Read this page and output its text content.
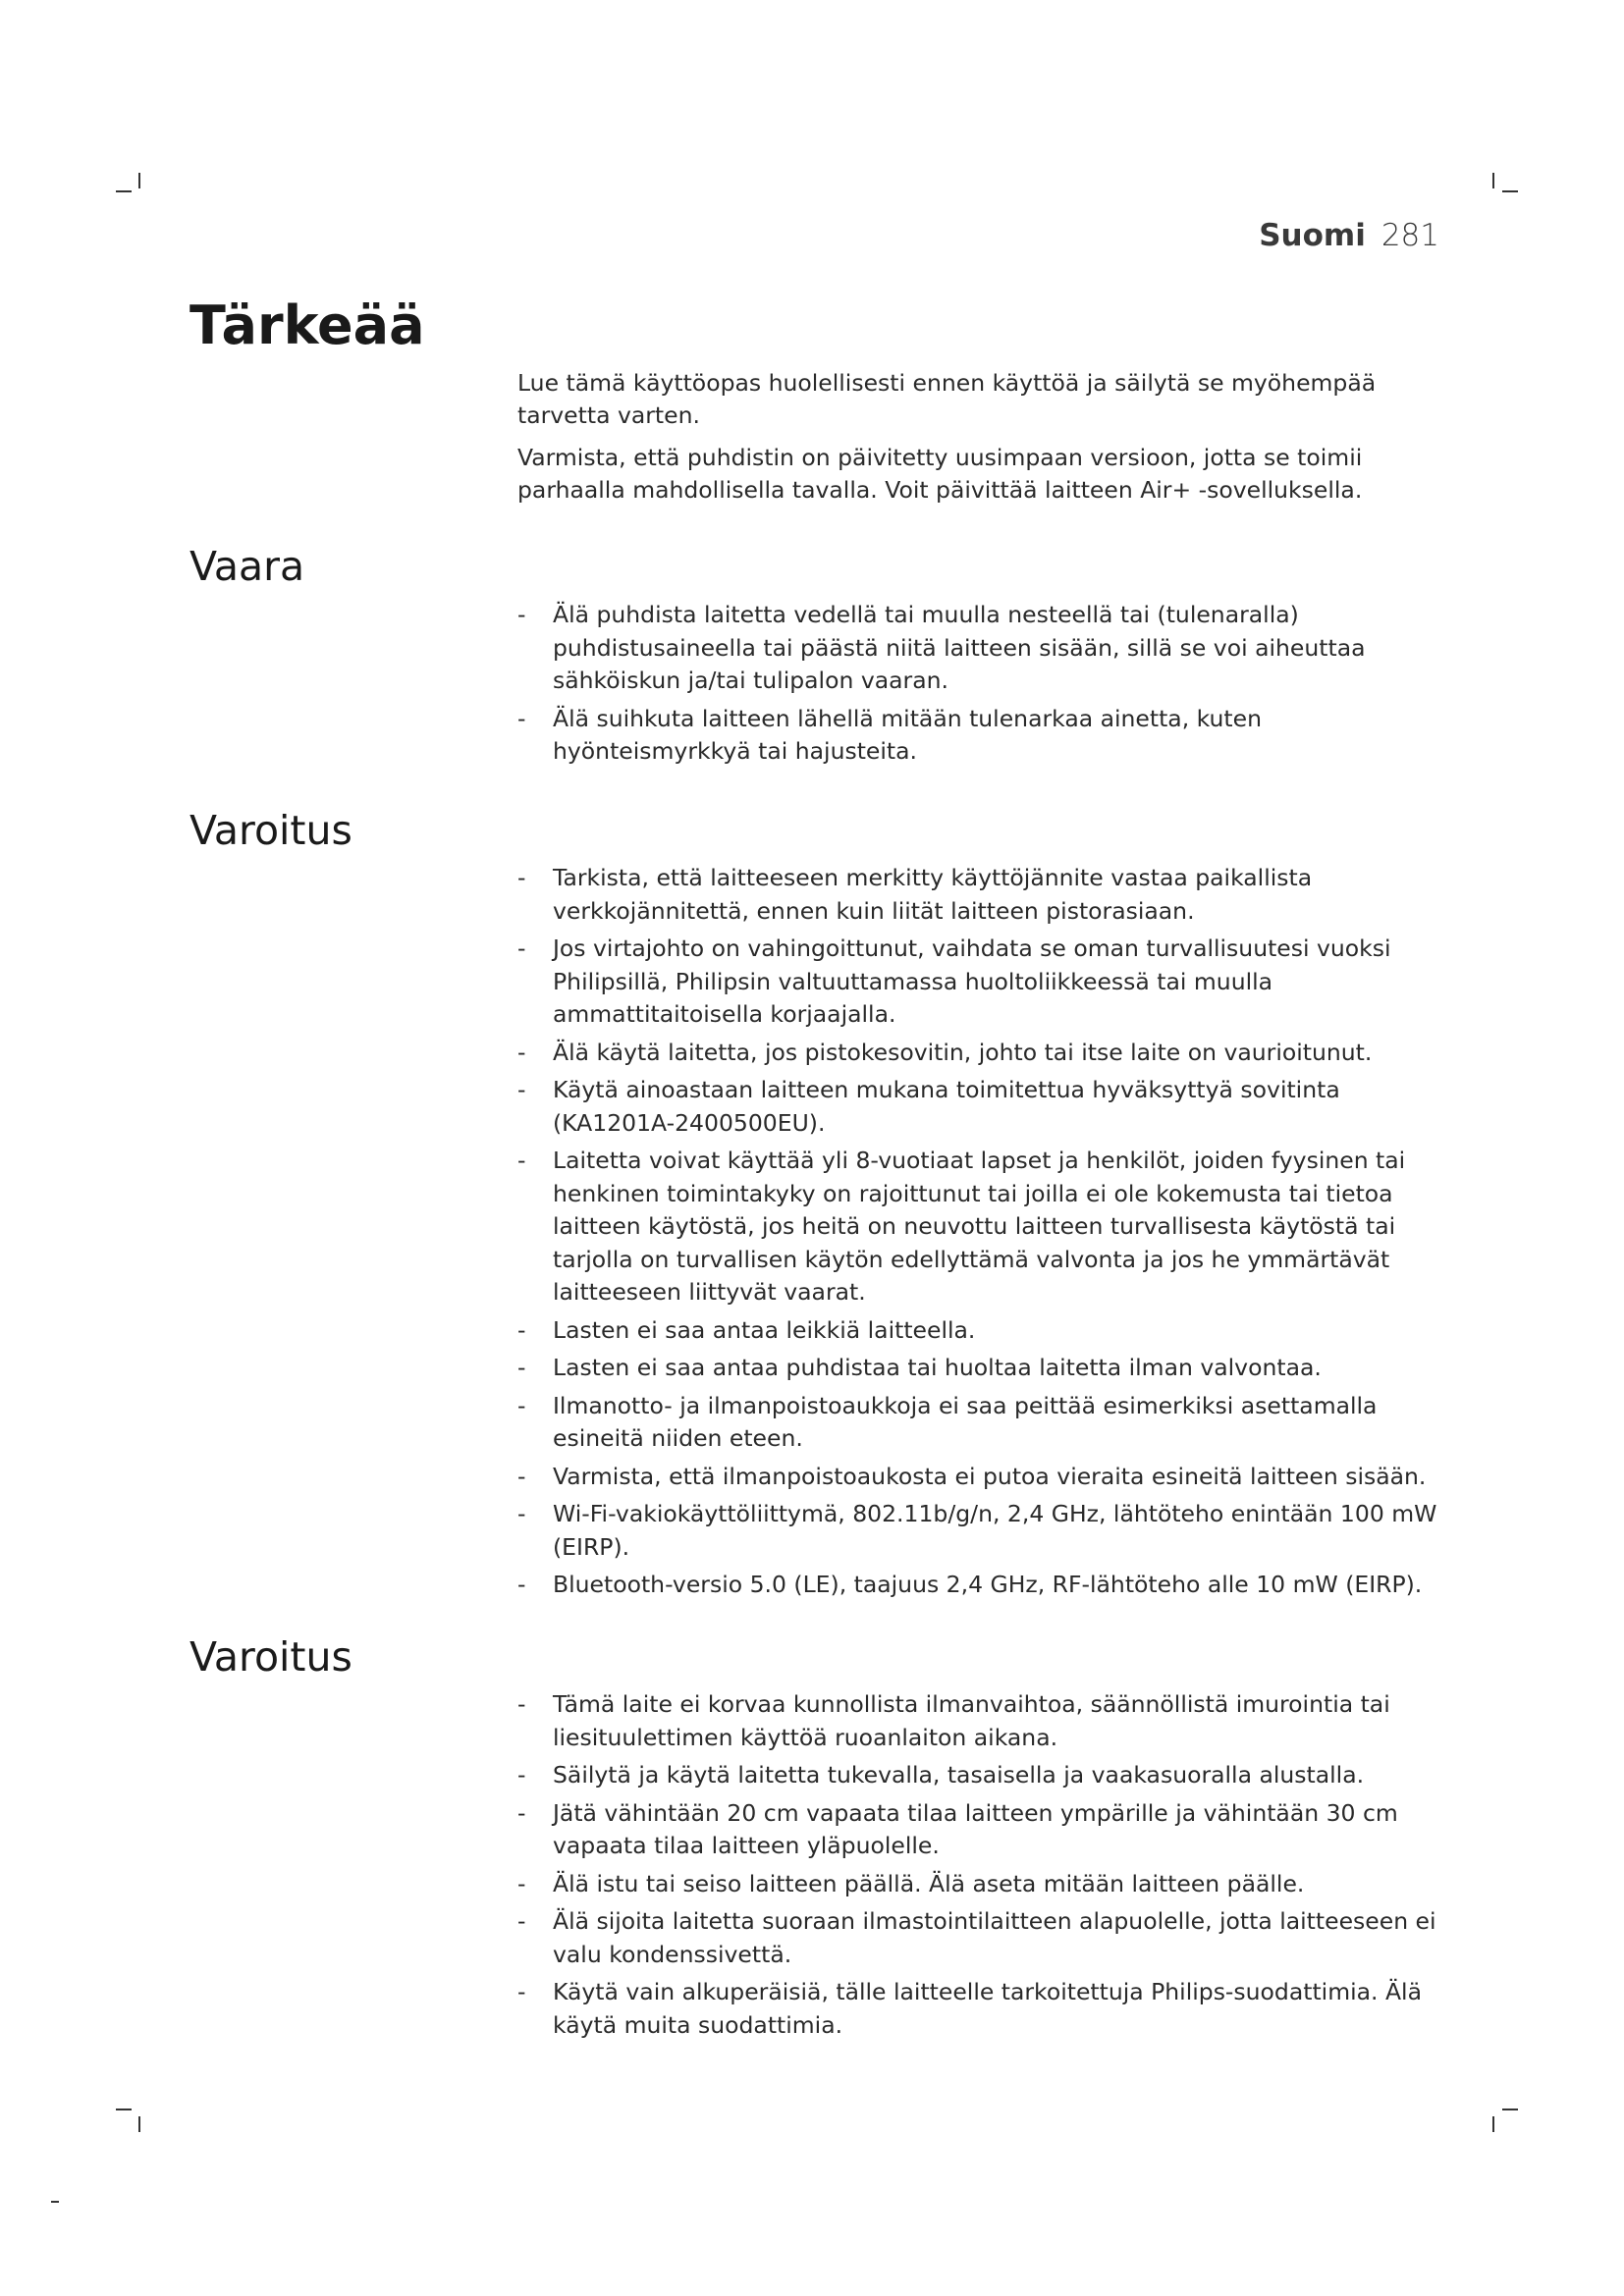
Suomi 281
Tärkeää

Lue tämä käyttöopas huolellisesti ennen käyttöä ja säilytä se myöhempää tarvetta varten.

Varmista, että puhdistin on päivitetty uusimpaan versioon, jotta se toimii parhaalla mahdollisella tavalla. Voit päivittää laitteen Air+ -sovelluksella.

Vaara
- Älä puhdista laitetta vedellä tai muulla nesteellä tai (tulenaralla) puhdistusaineella tai päästä niitä laitteen sisään, sillä se voi aiheuttaa sähköiskun ja/tai tulipalon vaaran.
- Älä suihkuta laitteen lähellä mitään tulenarkaa ainetta, kuten hyönteismyrkkyä tai hajusteita.
Varoitus
- Tarkista, että laitteeseen merkitty käyttöjännite vastaa paikallista verkkojännitettä, ennen kuin liität laitteen pistorasiaan.
- Jos virtajohto on vahingoittunut, vaihdata se oman turvallisuutesi vuoksi Philipsillä, Philipsin valtuuttamassa huoltoliikkeessä tai muulla ammattitaitoisella korjaajalla.
- Älä käytä laitetta, jos pistokesovitin, johto tai itse laite on vaurioitunut.
- Käytä ainoastaan laitteen mukana toimitettua hyväksyttyä sovitinta (KA1201A-2400500EU).
- Laitetta voivat käyttää yli 8-vuotiaat lapset ja henkilöt, joiden fyysinen tai henkinen toimintakyky on rajoittunut tai joilla ei ole kokemusta tai tietoa laitteen käytöstä, jos heitä on neuvottu laitteen turvallisesta käytöstä tai tarjolla on turvallisen käytön edellyttämä valvonta ja jos he ymmärtävät laitteeseen liittyvät vaarat.
- Lasten ei saa antaa leikkiä laitteella.
- Lasten ei saa antaa puhdistaa tai huoltaa laitetta ilman valvontaa.
- Ilmanotto- ja ilmanpoistoaukkoja ei saa peittää esimerkiksi asettamalla esineitä niiden eteen.
- Varmista, että ilmanpoistoaukosta ei putoa vieraita esineitä laitteen sisään.
- Wi-Fi-vakiokäyttöliittymä, 802.11b/g/n, 2,4 GHz, lähtöteho enintään 100 mW (EIRP).
- Bluetooth-versio 5.0 (LE), taajuus 2,4 GHz, RF-lähtöteho alle 10 mW (EIRP).
Varoitus
- Tämä laite ei korvaa kunnollista ilmanvaihtoa, säännöllistä imurointia tai liesituulettimen käyttöä ruoanlaiton aikana.
- Säilytä ja käytä laitetta tukevalla, tasaisella ja vaakasuoralla alustalla.
- Jätä vähintään 20 cm vapaata tilaa laitteen ympärille ja vähintään 30 cm vapaata tilaa laitteen yläpuolelle.
- Älä istu tai seiso laitteen päällä. Älä aseta mitään laitteen päälle.
- Älä sijoita laitetta suoraan ilmastointilaitteen alapuolelle, jotta laitteeseen ei valu kondenssivettä.
- Käytä vain alkuperäisiä, tälle laitteelle tarkoitettuja Philips-suodattimia. Älä käytä muita suodattimia.
